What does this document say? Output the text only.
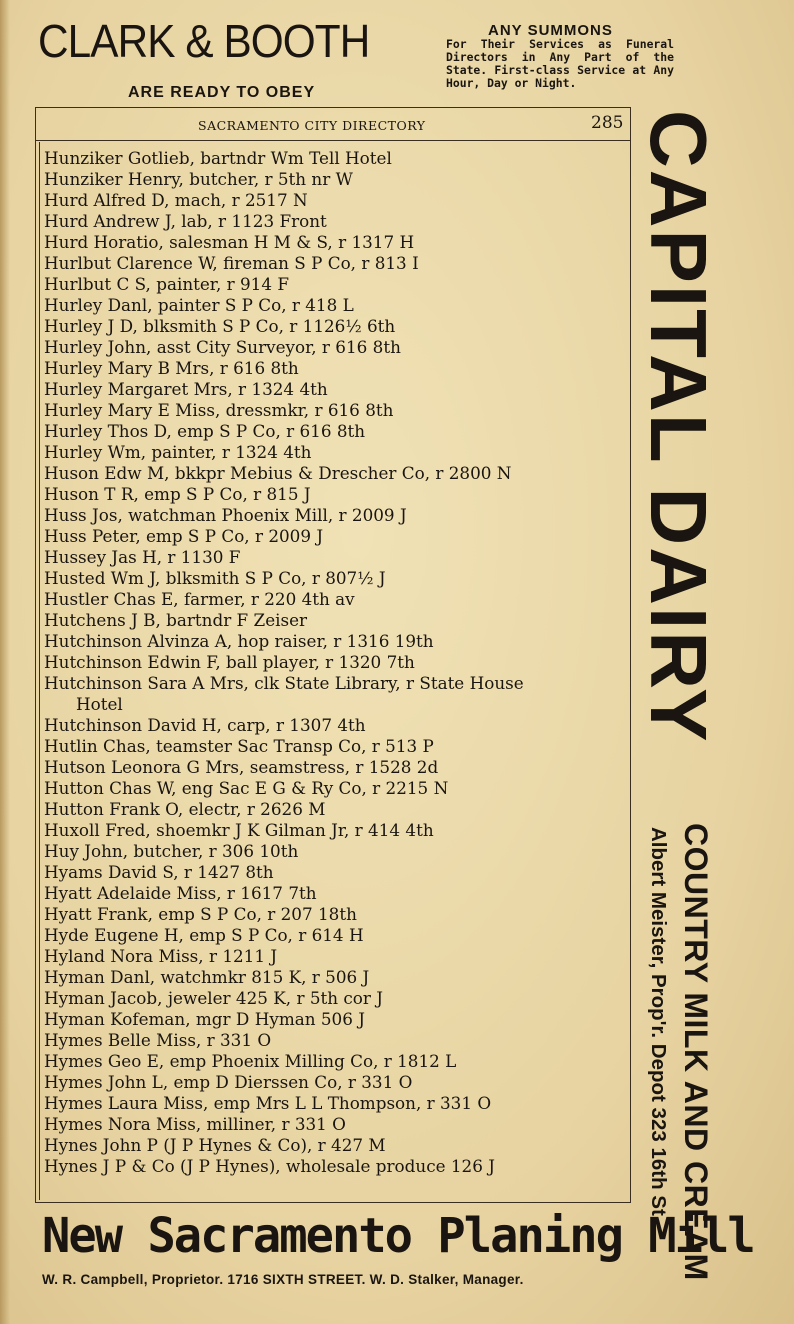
CLARK & BOOTH
ARE READY TO OBEY
ANY SUMMONS
For Their Services as Funeral Directors in Any Part of the State. First-class Service at Any Hour, Day or Night.
SACRAMENTO CITY DIRECTORY	285
Hunziker Gotlieb, bartndr Wm Tell Hotel
Hunziker Henry, butcher, r 5th nr W
Hurd Alfred D, mach, r 2517 N
Hurd Andrew J, lab, r 1123 Front
Hurd Horatio, salesman H M & S, r 1317 H
Hurlbut Clarence W, fireman S P Co, r 813 I
Hurlbut C S, painter, r 914 F
Hurley Danl, painter S P Co, r 418 L
Hurley J D, blksmith S P Co, r 1126½ 6th
Hurley John, asst City Surveyor, r 616 8th
Hurley Mary B Mrs, r 616 8th
Hurley Margaret Mrs, r 1324 4th
Hurley Mary E Miss, dressmkr, r 616 8th
Hurley Thos D, emp S P Co, r 616 8th
Hurley Wm, painter, r 1324 4th
Huson Edw M, bkkpr Mebius & Drescher Co, r 2800 N
Huson T R, emp S P Co, r 815 J
Huss Jos, watchman Phoenix Mill, r 2009 J
Huss Peter, emp S P Co, r 2009 J
Hussey Jas H, r 1130 F
Husted Wm J, blksmith S P Co, r 807½ J
Hustler Chas E, farmer, r 220 4th av
Hutchens J B, bartndr F Zeiser
Hutchinson Alvinza A, hop raiser, r 1316 19th
Hutchinson Edwin F, ball player, r 1320 7th
Hutchinson Sara A Mrs, clk State Library, r State House
Hotel
Hutchinson David H, carp, r 1307 4th
Hutlin Chas, teamster Sac Transp Co, r 513 P
Hutson Leonora G Mrs, seamstress, r 1528 2d
Hutton Chas W, eng Sac E G & Ry Co, r 2215 N
Hutton Frank O, electr, r 2626 M
Huxoll Fred, shoemkr J K Gilman Jr, r 414 4th
Huy John, butcher, r 306 10th
Hyams David S, r 1427 8th
Hyatt Adelaide Miss, r 1617 7th
Hyatt Frank, emp S P Co, r 207 18th
Hyde Eugene H, emp S P Co, r 614 H
Hyland Nora Miss, r 1211 J
Hyman Danl, watchmkr 815 K, r 506 J
Hyman Jacob, jeweler 425 K, r 5th cor J
Hyman Kofeman, mgr D Hyman 506 J
Hymes Belle Miss, r 331 O
Hymes Geo E, emp Phoenix Milling Co, r 1812 L
Hymes John L, emp D Dierssen Co, r 331 O
Hymes Laura Miss, emp Mrs L L Thompson, r 331 O
Hymes Nora Miss, milliner, r 331 O
Hynes John P (J P Hynes & Co), r 427 M
Hynes J P & Co (J P Hynes), wholesale produce 126 J
CAPITAL DAIRY
COUNTRY MILK AND CREAM
Albert Meister, Prop'r. Depot 323 16th St.
New Sacramento Planing Mill
W. R. Campbell, Proprietor. 1716 SIXTH STREET. W. D. Stalker, Manager.
